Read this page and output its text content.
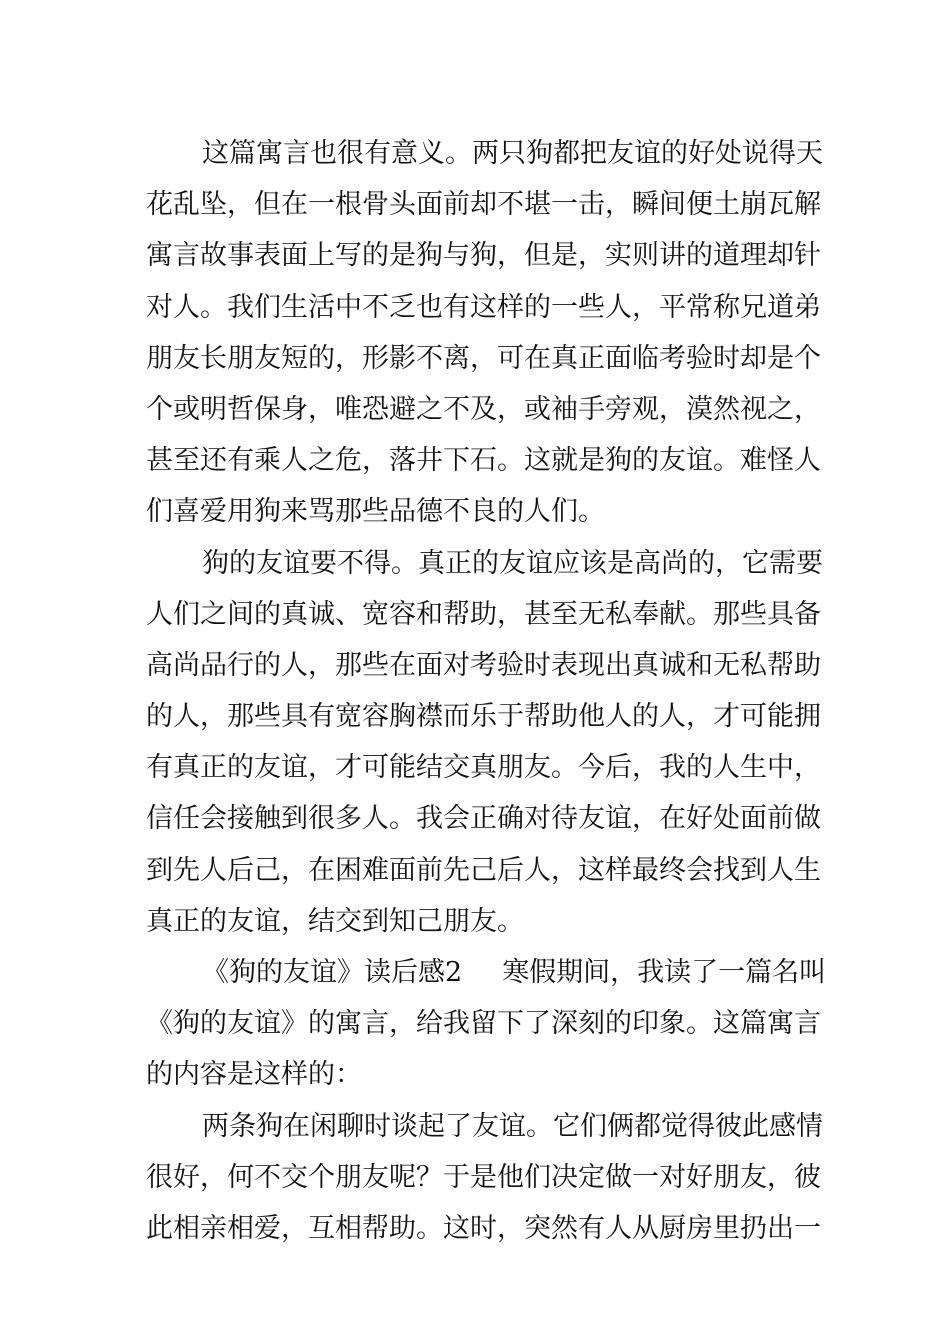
这篇寓言也很有意义。两只狗都把友谊的好处说得天
花乱坠，但在一根骨头面前却不堪一击，瞬间便土崩瓦解
寓言故事表面上写的是狗与狗，但是，实则讲的道理却针
对人。我们生活中不乏也有这样的一些人，平常称兄道弟
朋友长朋友短的，形影不离，可在真正面临考验时却是个
个或明哲保身，唯恐避之不及，或袖手旁观，漠然视之，
甚至还有乘人之危，落井下石。这就是狗的友谊。难怪人
们喜爱用狗来骂那些品德不良的人们。
狗的友谊要不得。真正的友谊应该是高尚的，它需要
人们之间的真诚、宽容和帮助，甚至无私奉献。那些具备
高尚品行的人，那些在面对考验时表现出真诚和无私帮助
的人，那些具有宽容胸襟而乐于帮助他人的人，才可能拥
有真正的友谊，才可能结交真朋友。今后，我的人生中，
信任会接触到很多人。我会正确对待友谊，在好处面前做
到先人后己，在困难面前先己后人，这样最终会找到人生
真正的友谊，结交到知己朋友。
《狗的友谊》读后感2 寒假期间，我读了一篇名叫
《狗的友谊》的寓言，给我留下了深刻的印象。这篇寓言
的内容是这样的：
两条狗在闲聊时谈起了友谊。它们俩都觉得彼此感情
很好，何不交个朋友呢？于是他们决定做一对好朋友，彼
此相亲相爱，互相帮助。这时，突然有人从厨房里扔出一
